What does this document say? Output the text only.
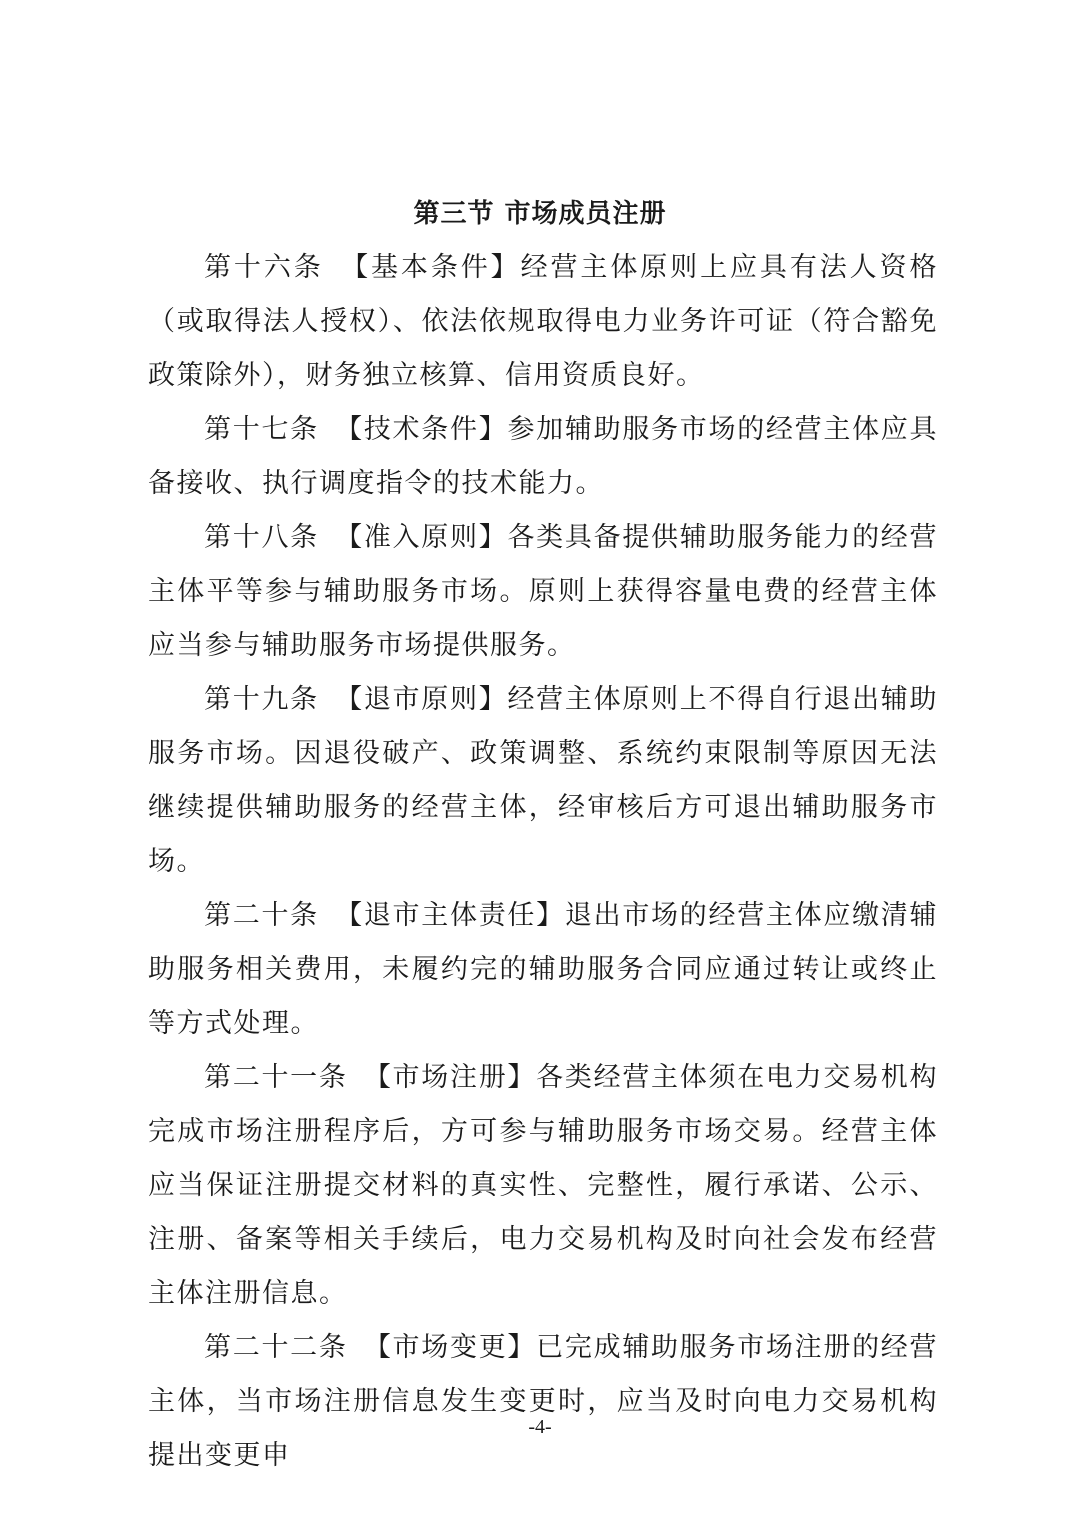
第三节 市场成员注册

第十六条 【基本条件】经营主体原则上应具有法人资格（或取得法人授权）、依法依规取得电力业务许可证（符合豁免政策除外），财务独立核算、信用资质良好。

第十七条 【技术条件】参加辅助服务市场的经营主体应具备接收、执行调度指令的技术能力。

第十八条 【准入原则】各类具备提供辅助服务能力的经营主体平等参与辅助服务市场。原则上获得容量电费的经营主体应当参与辅助服务市场提供服务。

第十九条 【退市原则】经营主体原则上不得自行退出辅助服务市场。因退役破产、政策调整、系统约束限制等原因无法继续提供辅助服务的经营主体，经审核后方可退出辅助服务市场。

第二十条 【退市主体责任】退出市场的经营主体应缴清辅助服务相关费用，未履约完的辅助服务合同应通过转让或终止等方式处理。

第二十一条 【市场注册】各类经营主体须在电力交易机构完成市场注册程序后，方可参与辅助服务市场交易。经营主体应当保证注册提交材料的真实性、完整性，履行承诺、公示、注册、备案等相关手续后，电力交易机构及时向社会发布经营主体注册信息。

第二十二条 【市场变更】已完成辅助服务市场注册的经营主体，当市场注册信息发生变更时，应当及时向电力交易机构提出变更申

-4-
